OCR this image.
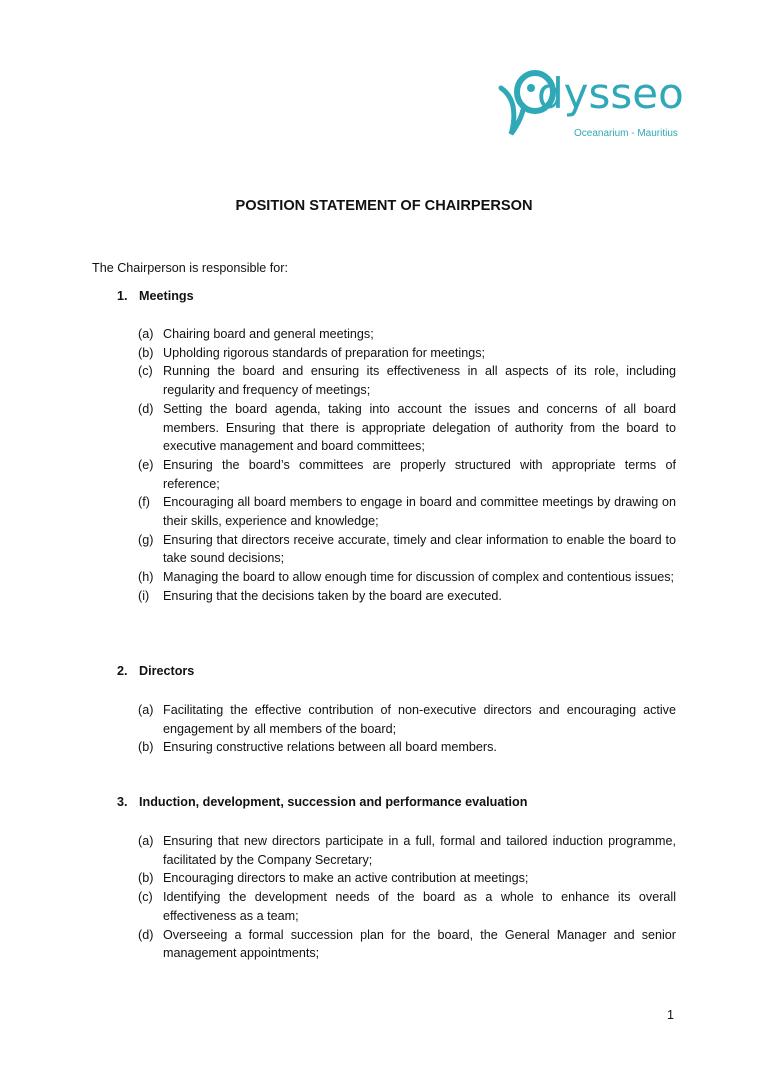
dysseo
Oceanarium - Mauritius
POSITION STATEMENT OF CHAIRPERSON
The Chairperson is responsible for:
1. Meetings
(a) Chairing board and general meetings;
(b) Upholding rigorous standards of preparation for meetings;
(c) Running the board and ensuring its effectiveness in all aspects of its role, including regularity and frequency of meetings;
(d) Setting the board agenda, taking into account the issues and concerns of all board members. Ensuring that there is appropriate delegation of authority from the board to executive management and board committees;
(e) Ensuring the board’s committees are properly structured with appropriate terms of reference;
(f)	Encouraging all board members to engage in board and committee meetings by drawing on their skills, experience and knowledge;
(g) Ensuring that directors receive accurate, timely and clear information to enable the board to take sound decisions;
(h) Managing the board to allow enough time for discussion of complex and contentious issues;
(i)	Ensuring that the decisions taken by the board are executed.
2. Directors
(a) Facilitating the effective contribution of non-executive directors and encouraging active engagement by all members of the board;
(b) Ensuring constructive relations between all board members.
3. Induction, development, succession and performance evaluation
(a) Ensuring that new directors participate in a full, formal and tailored induction programme, facilitated by the Company Secretary;
(b) Encouraging directors to make an active contribution at meetings;
(c) Identifying the development needs of the board as a whole to enhance its overall effectiveness as a team;
(d) Overseeing a formal succession plan for the board, the General Manager and senior management appointments;
1
